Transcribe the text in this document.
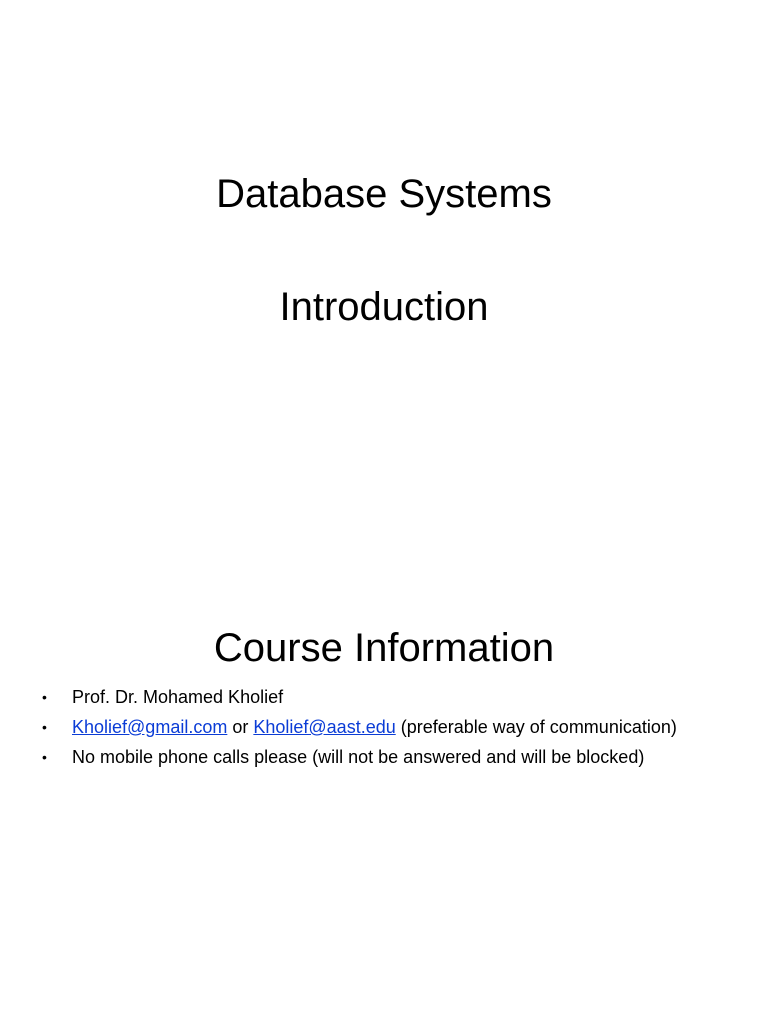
Database Systems
Introduction
Course Information
• Prof. Dr. Mohamed Kholief
• Kholief@gmail.com or Kholief@aast.edu (preferable way of communication)
• No mobile phone calls please (will not be answered and will be blocked)
